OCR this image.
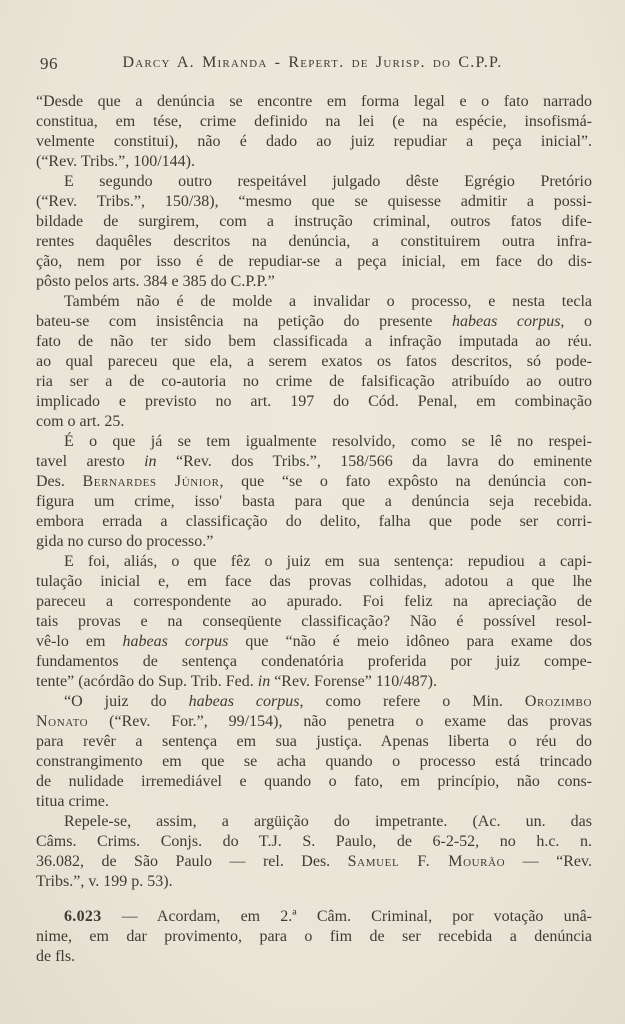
96	Darcy A. Miranda - Repert. de Jurisp. do C.P.P.
“Desde que a denúncia se encontre em forma legal e o fato narrado
constitua, em tése, crime definido na lei (e na espécie, insofismá-
velmente constitui), não é dado ao juiz repudiar a peça inicial”.
(“Rev. Tribs.”, 100/144).
E segundo outro respeitável julgado dêste Egrégio Pretório
(“Rev. Tribs.”, 150/38), “mesmo que se quisesse admitir a possi-
bildade de surgirem, com a instrução criminal, outros fatos dife-
rentes daquêles descritos na denúncia, a constituirem outra infra-
ção, nem por isso é de repudiar-se a peça inicial, em face do dis-
pôsto pelos arts. 384 e 385 do C.P.P.”
Também não é de molde a invalidar o processo, e nesta tecla
bateu-se com insistência na petição do presente habeas corpus, o
fato de não ter sido bem classificada a infração imputada ao réu.
ao qual pareceu que ela, a serem exatos os fatos descritos, só pode-
ria ser a de co-autoria no crime de falsificação atribuído ao outro
implicado e previsto no art. 197 do Cód. Penal, em combinação
com o art. 25.
É o que já se tem igualmente resolvido, como se lê no respei-
tavel aresto in “Rev. dos Tribs.”, 158/566 da lavra do eminente
Des. Bernardes Júnior, que “se o fato expôsto na denúncia con-
figura um crime, isso' basta para que a denúncia seja recebida.
embora errada a classificação do delito, falha que pode ser corri-
gida no curso do processo.”
E foi, aliás, o que fêz o juiz em sua sentença: repudiou a capi-
tulação inicial e, em face das provas colhidas, adotou a que lhe
pareceu a correspondente ao apurado. Foi feliz na apreciação de
tais provas e na conseqüente classificação? Não é possível resol-
vê-lo em habeas corpus que “não é meio idôneo para exame dos
fundamentos de sentença condenatória proferida por juiz compe-
tente” (acórdão do Sup. Trib. Fed. in “Rev. Forense” 110/487).
“O juiz do habeas corpus, como refere o Min. Orozimbo
Nonato (“Rev. For.”, 99/154), não penetra o exame das provas
para revêr a sentença em sua justiça. Apenas liberta o réu do
constrangimento em que se acha quando o processo está trincado
de nulidade irremediável e quando o fato, em princípio, não cons-
titua crime.
Repele-se, assim, a argüição do impetrante. (Ac. un. das
Câms. Crims. Conjs. do T.J. S. Paulo, de 6-2-52, no h.c. n.
36.082, de São Paulo — rel. Des. Samuel F. Mourão — “Rev.
Tribs.”, v. 199 p. 53).
6.023 — Acordam, em 2.ª Câm. Criminal, por votação unâ-
nime, em dar provimento, para o fim de ser recebida a denúncia
de fls.
